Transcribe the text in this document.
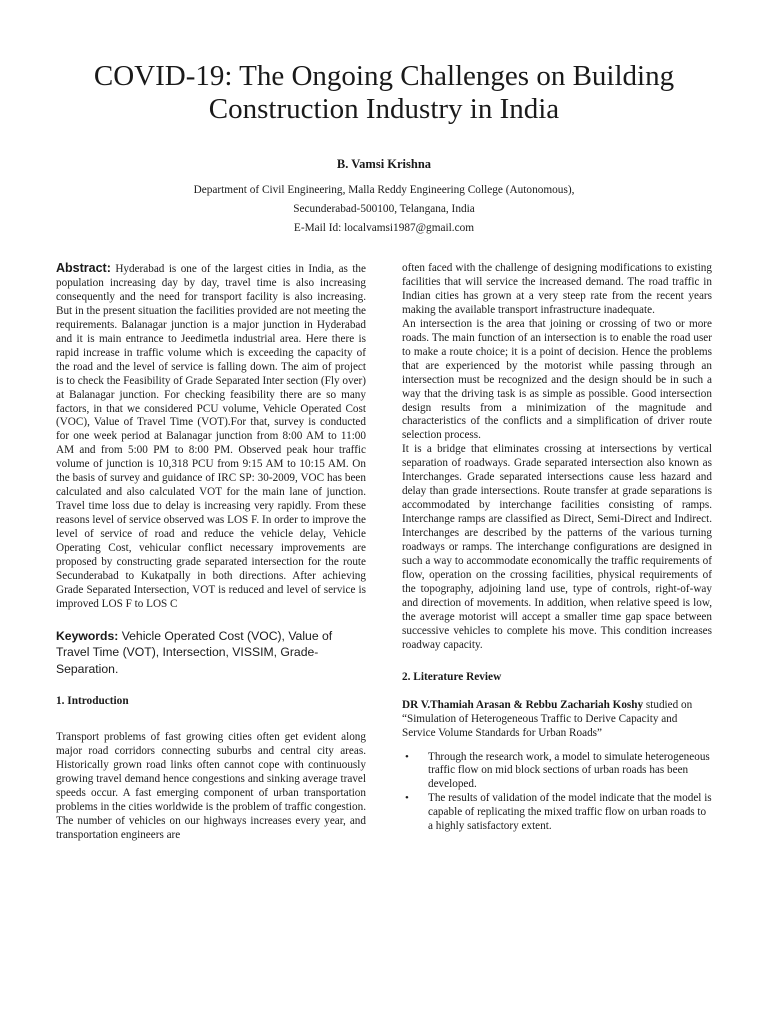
COVID-19: The Ongoing Challenges on Building
Construction Industry in India
B. Vamsi Krishna
Department of Civil Engineering, Malla Reddy Engineering College (Autonomous),
Secunderabad-500100, Telangana, India
E-Mail Id: localvamsi1987@gmail.com

Abstract: Hyderabad is one of the largest cities in India, as the population increasing day by day, travel time is also increasing consequently and the need for transport facility is also increasing. But in the present situation the facilities provided are not meeting the requirements. Balanagar junction is a major junction in Hyderabad and it is main entrance to Jeedimetla industrial area. Here there is rapid increase in traffic volume which is exceeding the capacity of the road and the level of service is falling down. The aim of project is to check the Feasibility of Grade Separated Inter section (Fly over) at Balanagar junction. For checking feasibility there are so many factors, in that we considered PCU volume, Vehicle Operated Cost (VOC), Value of Travel Time (VOT).For that, survey is conducted for one week period at Balanagar junction from 8:00 AM to 11:00 AM and from 5:00 PM to 8:00 PM. Observed peak hour traffic volume of junction is 10,318 PCU from 9:15 AM to 10:15 AM. On the basis of survey and guidance of IRC SP: 30-2009, VOC has been calculated and also calculated VOT for the main lane of junction. Travel time loss due to delay is increasing very rapidly. From these reasons level of service observed was LOS F. In order to improve the level of service of road and reduce the vehicle delay, Vehicle Operating Cost, vehicular conflict necessary improvements are proposed by constructing grade separated intersection for the route Secunderabad to Kukatpally in both directions. After achieving Grade Separated Intersection, VOT is reduced and level of service is improved LOS F to LOS C

Keywords: Vehicle Operated Cost (VOC), Value of Travel Time (VOT), Intersection, VISSIM, Grade-Separation.

1. Introduction

Transport problems of fast growing cities often get evident along major road corridors connecting suburbs and central city areas. Historically grown road links often cannot cope with continuously growing travel demand hence congestions and sinking average travel speeds occur. A fast emerging component of urban transportation problems in the cities worldwide is the problem of traffic congestion. The number of vehicles on our highways increases every year, and transportation engineers are

often faced with the challenge of designing modifications to existing facilities that will service the increased demand. The road traffic in Indian cities has grown at a very steep rate from the recent years making the available transport infrastructure inadequate.

An intersection is the area that joining or crossing of two or more roads. The main function of an intersection is to enable the road user to make a route choice; it is a point of decision. Hence the problems that are experienced by the motorist while passing through an intersection must be recognized and the design should be in such a way that the driving task is as simple as possible. Good intersection design results from a minimization of the magnitude and characteristics of the conflicts and a simplification of driver route selection process.

It is a bridge that eliminates crossing at intersections by vertical separation of roadways. Grade separated intersection also known as Interchanges. Grade separated intersections cause less hazard and delay than grade intersections. Route transfer at grade separations is accommodated by interchange facilities consisting of ramps. Interchange ramps are classified as Direct, Semi-Direct and Indirect. Interchanges are described by the patterns of the various turning roadways or ramps. The interchange configurations are designed in such a way to accommodate economically the traffic requirements of flow, operation on the crossing facilities, physical requirements of the topography, adjoining land use, type of controls, right-of-way and direction of movements. In addition, when relative speed is low, the average motorist will accept a smaller time gap space between successive vehicles to complete his move. This condition increases roadway capacity.

2. Literature Review

DR V.Thamiah Arasan & Rebbu Zachariah Koshy studied on “Simulation of Heterogeneous Traffic to Derive Capacity and Service Volume Standards for Urban Roads”

• Through the research work, a model to simulate heterogeneous traffic flow on mid block sections of urban roads has been developed.
• The results of validation of the model indicate that the model is capable of replicating the mixed traffic flow on urban roads to a highly satisfactory extent.
